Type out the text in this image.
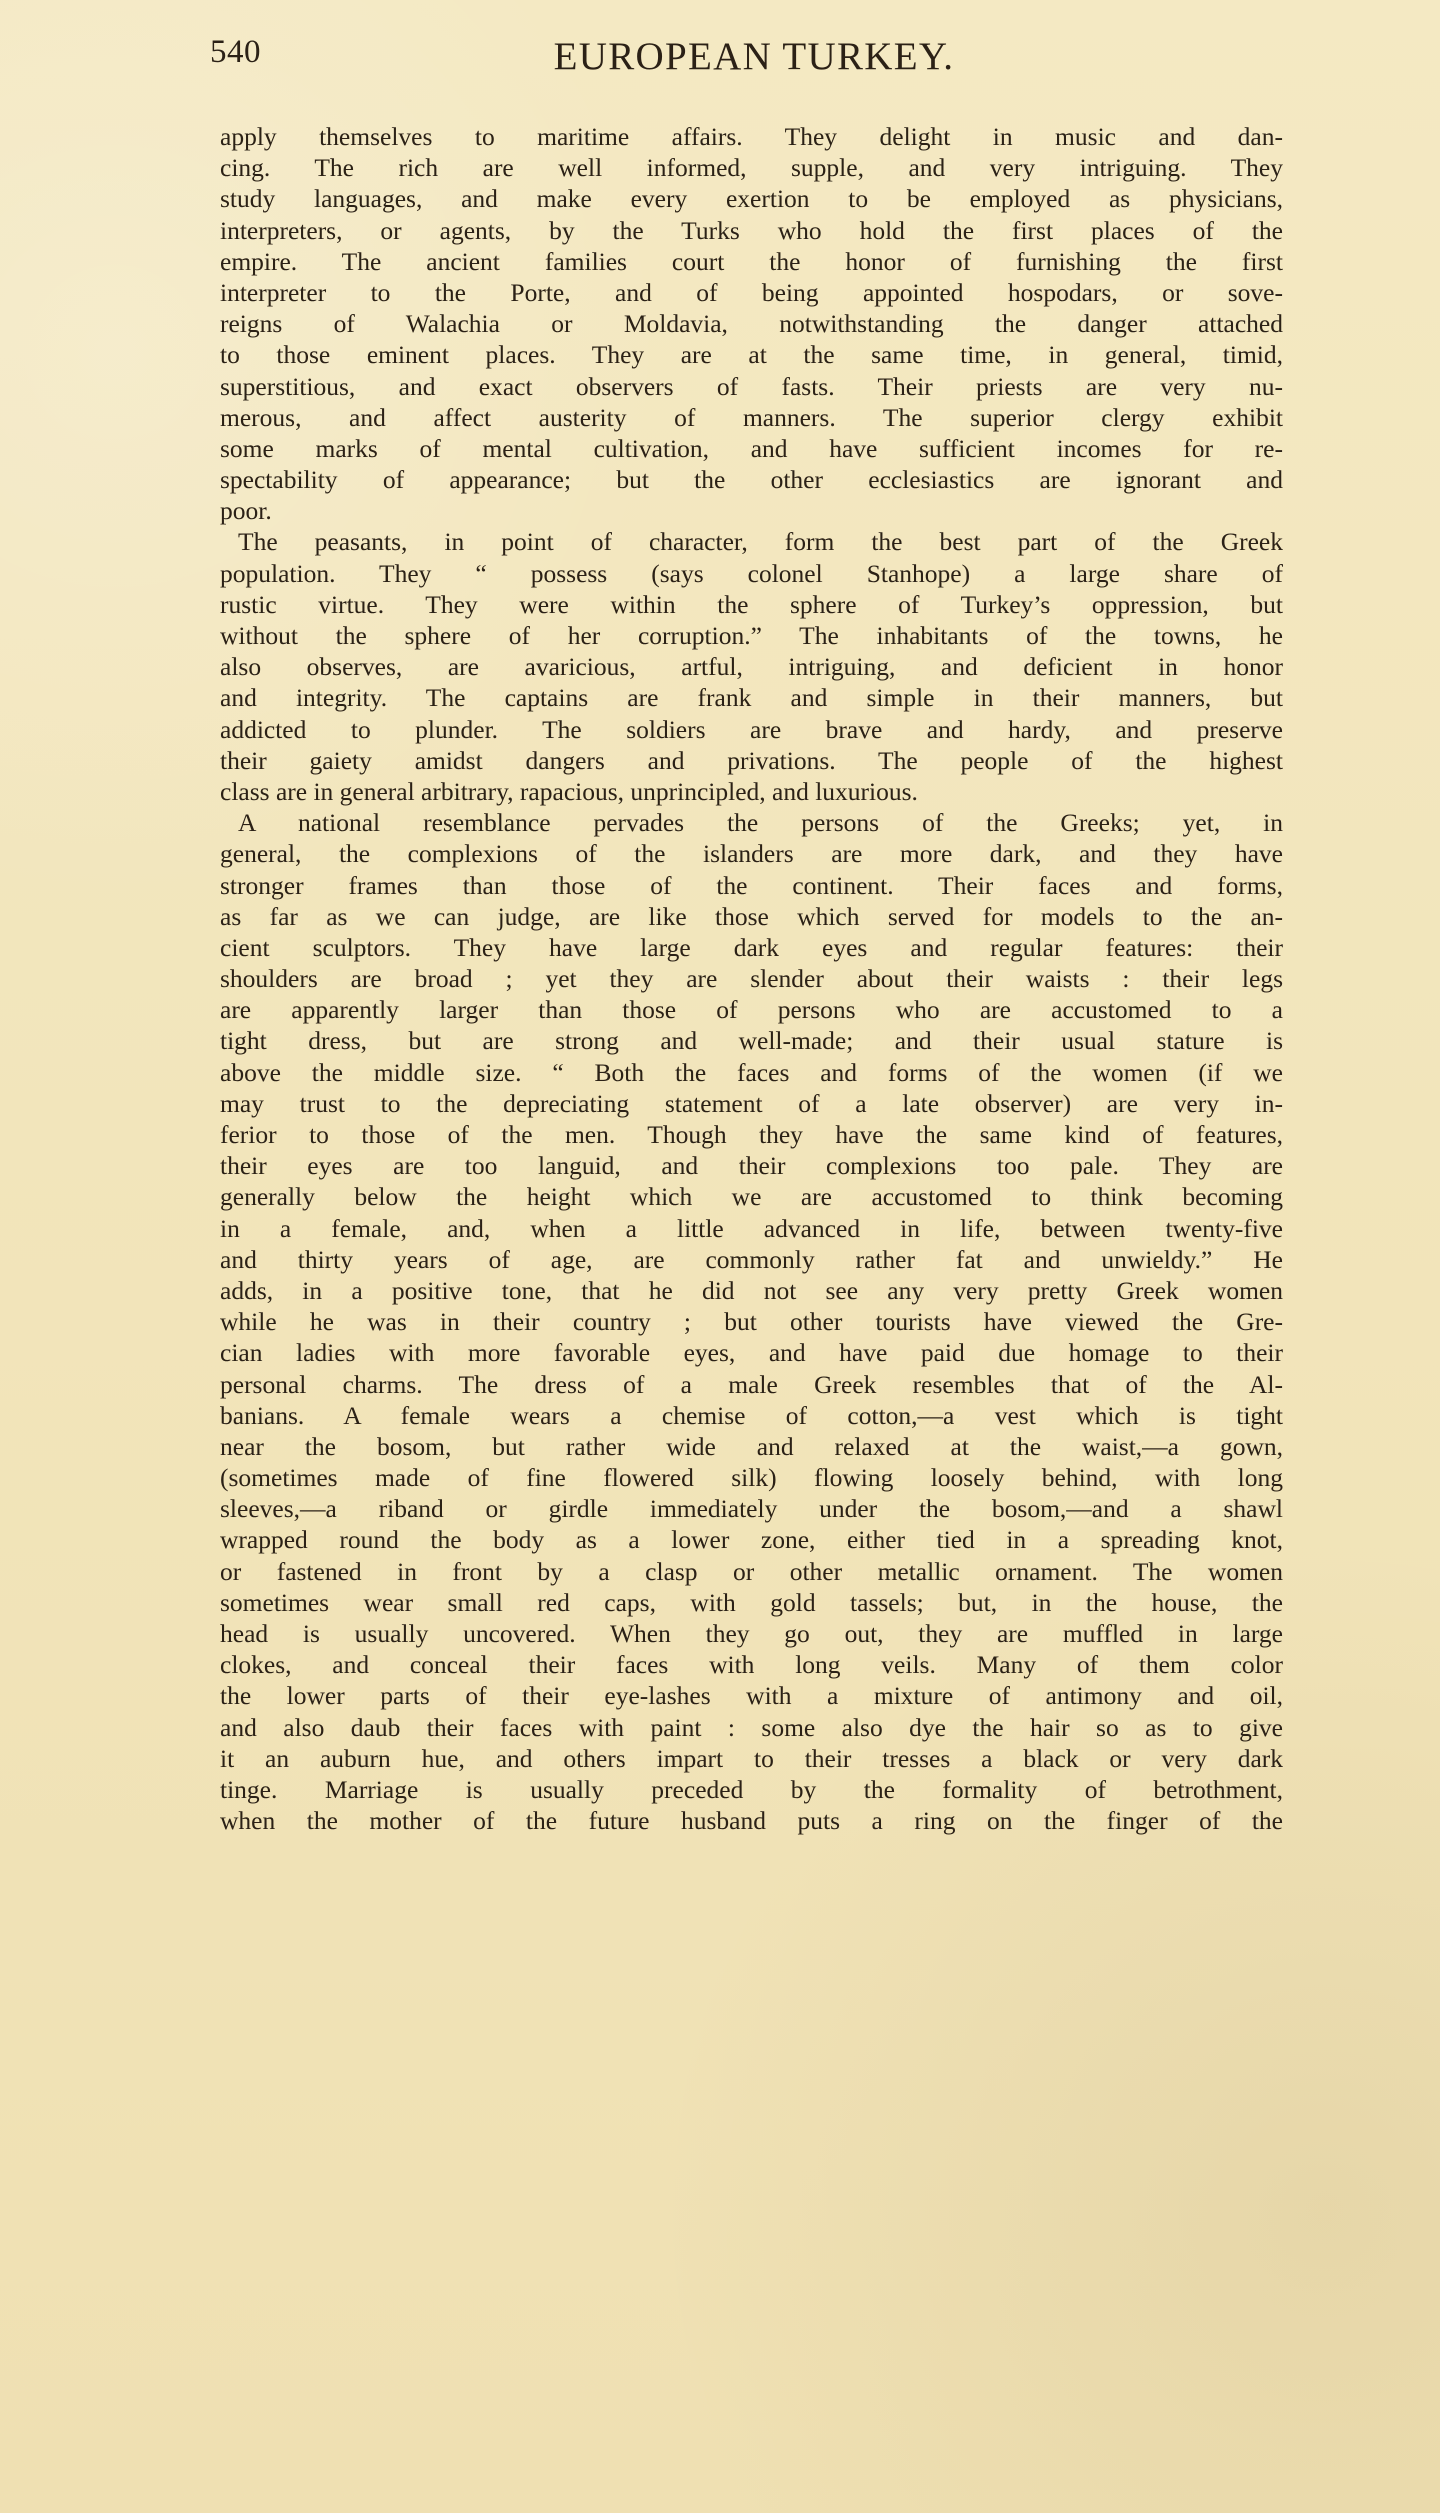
540	EUROPEAN TURKEY.
apply themselves to maritime affairs. They delight in music and dan-
cing. The rich are well informed, supple, and very intriguing. They
study languages, and make every exertion to be employed as physicians,
interpreters, or agents, by the Turks who hold the first places of the
empire. The ancient families court the honor of furnishing the first
interpreter to the Porte, and of being appointed hospodars, or sove-
reigns of Walachia or Moldavia, notwithstanding the danger attached
to those eminent places. They are at the same time, in general, timid,
superstitious, and exact observers of fasts. Their priests are very nu-
merous, and affect austerity of manners. The superior clergy exhibit
some marks of mental cultivation, and have sufficient incomes for re-
spectability of appearance; but the other ecclesiastics are ignorant and
poor.
The peasants, in point of character, form the best part of the Greek
population. They “ possess (says colonel Stanhope) a large share of
rustic virtue. They were within the sphere of Turkey’s oppression, but
without the sphere of her corruption.” The inhabitants of the towns, he
also observes, are avaricious, artful, intriguing, and deficient in honor
and integrity. The captains are frank and simple in their manners, but
addicted to plunder. The soldiers are brave and hardy, and preserve
their gaiety amidst dangers and privations. The people of the highest
class are in general arbitrary, rapacious, unprincipled, and luxurious.
A national resemblance pervades the persons of the Greeks; yet, in
general, the complexions of the islanders are more dark, and they have
stronger frames than those of the continent. Their faces and forms,
as far as we can judge, are like those which served for models to the an-
cient sculptors. They have large dark eyes and regular features: their
shoulders are broad ; yet they are slender about their waists : their legs
are apparently larger than those of persons who are accustomed to a
tight dress, but are strong and well-made; and their usual stature is
above the middle size. “ Both the faces and forms of the women (if we
may trust to the depreciating statement of a late observer) are very in-
ferior to those of the men. Though they have the same kind of features,
their eyes are too languid, and their complexions too pale. They are
generally below the height which we are accustomed to think becoming
in a female, and, when a little advanced in life, between twenty-five
and thirty years of age, are commonly rather fat and unwieldy.” He
adds, in a positive tone, that he did not see any very pretty Greek women
while he was in their country ; but other tourists have viewed the Gre-
cian ladies with more favorable eyes, and have paid due homage to their
personal charms. The dress of a male Greek resembles that of the Al-
banians. A female wears a chemise of cotton,—a vest which is tight
near the bosom, but rather wide and relaxed at the waist,—a gown,
(sometimes made of fine flowered silk) flowing loosely behind, with long
sleeves,—a riband or girdle immediately under the bosom,—and a shawl
wrapped round the body as a lower zone, either tied in a spreading knot,
or fastened in front by a clasp or other metallic ornament. The women
sometimes wear small red caps, with gold tassels; but, in the house, the
head is usually uncovered. When they go out, they are muffled in large
clokes, and conceal their faces with long veils. Many of them color
the lower parts of their eye-lashes with a mixture of antimony and oil,
and also daub their faces with paint : some also dye the hair so as to give
it an auburn hue, and others impart to their tresses a black or very dark
tinge. Marriage is usually preceded by the formality of betrothment,
when the mother of the future husband puts a ring on the finger of the
